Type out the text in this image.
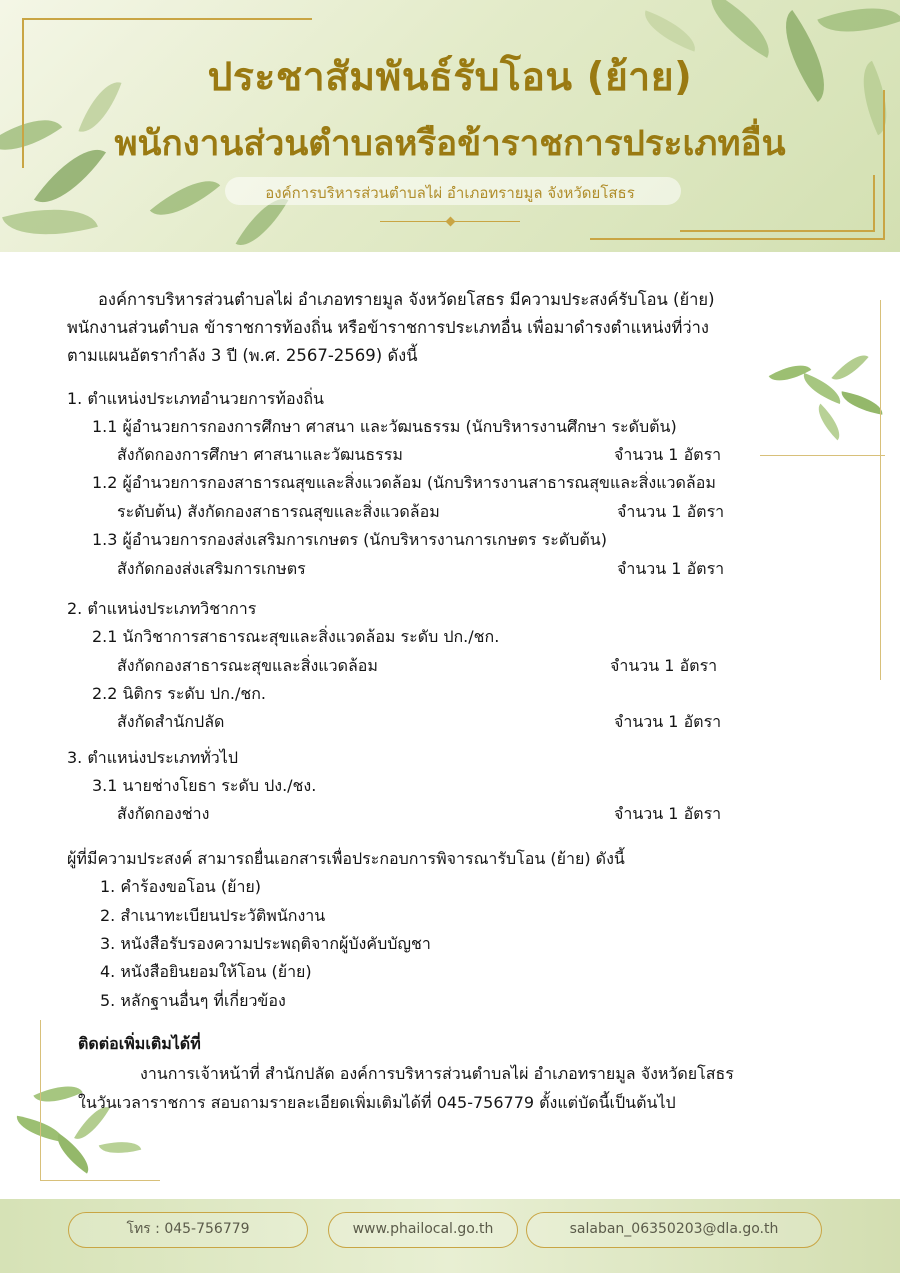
ประชาสัมพันธ์รับโอน (ย้าย)
พนักงานส่วนตำบลหรือข้าราชการประเภทอื่น
องค์การบริหารส่วนตำบลไผ่ อำเภอทรายมูล จังหวัดยโสธร
องค์การบริหารส่วนตำบลไผ่ อำเภอทรายมูล จังหวัดยโสธร มีความประสงค์รับโอน (ย้าย)
พนักงานส่วนตำบล ข้าราชการท้องถิ่น หรือข้าราชการประเภทอื่น เพื่อมาดำรงตำแหน่งที่ว่าง
ตามแผนอัตรากำลัง 3 ปี (พ.ศ. 2567-2569) ดังนี้
1. ตำแหน่งประเภทอำนวยการท้องถิ่น
1.1 ผู้อำนวยการกองการศึกษา ศาสนา และวัฒนธรรม (นักบริหารงานศึกษา ระดับต้น)
สังกัดกองการศึกษา ศาสนาและวัฒนธรรม	จำนวน 1 อัตรา
1.2 ผู้อำนวยการกองสาธารณสุขและสิ่งแวดล้อม (นักบริหารงานสาธารณสุขและสิ่งแวดล้อม
ระดับต้น) สังกัดกองสาธารณสุขและสิ่งแวดล้อม	จำนวน 1 อัตรา
1.3 ผู้อำนวยการกองส่งเสริมการเกษตร (นักบริหารงานการเกษตร ระดับต้น)
สังกัดกองส่งเสริมการเกษตร	จำนวน 1 อัตรา
2. ตำแหน่งประเภทวิชาการ
2.1 นักวิชาการสาธารณะสุขและสิ่งแวดล้อม ระดับ ปก./ชก.
สังกัดกองสาธารณะสุขและสิ่งแวดล้อม	จำนวน 1 อัตรา
2.2 นิติกร ระดับ ปก./ชก.
สังกัดสำนักปลัด	จำนวน 1 อัตรา
3. ตำแหน่งประเภททั่วไป
3.1 นายช่างโยธา ระดับ ปง./ชง.
สังกัดกองช่าง	จำนวน 1 อัตรา
ผู้ที่มีความประสงค์ สามารถยื่นเอกสารเพื่อประกอบการพิจารณารับโอน (ย้าย) ดังนี้
1. คำร้องขอโอน (ย้าย)
2. สำเนาทะเบียนประวัติพนักงาน
3. หนังสือรับรองความประพฤติจากผู้บังคับบัญชา
4. หนังสือยินยอมให้โอน (ย้าย)
5. หลักฐานอื่นๆ ที่เกี่ยวข้อง
ติดต่อเพิ่มเติมได้ที่
งานการเจ้าหน้าที่ สำนักปลัด องค์การบริหารส่วนตำบลไผ่ อำเภอทรายมูล จังหวัดยโสธร
ในวันเวลาราชการ สอบถามรายละเอียดเพิ่มเติมได้ที่ 045-756779 ตั้งแต่บัดนี้เป็นต้นไป
โทร : 045-756779	www.phailocal.go.th	salaban_06350203@dla.go.th
